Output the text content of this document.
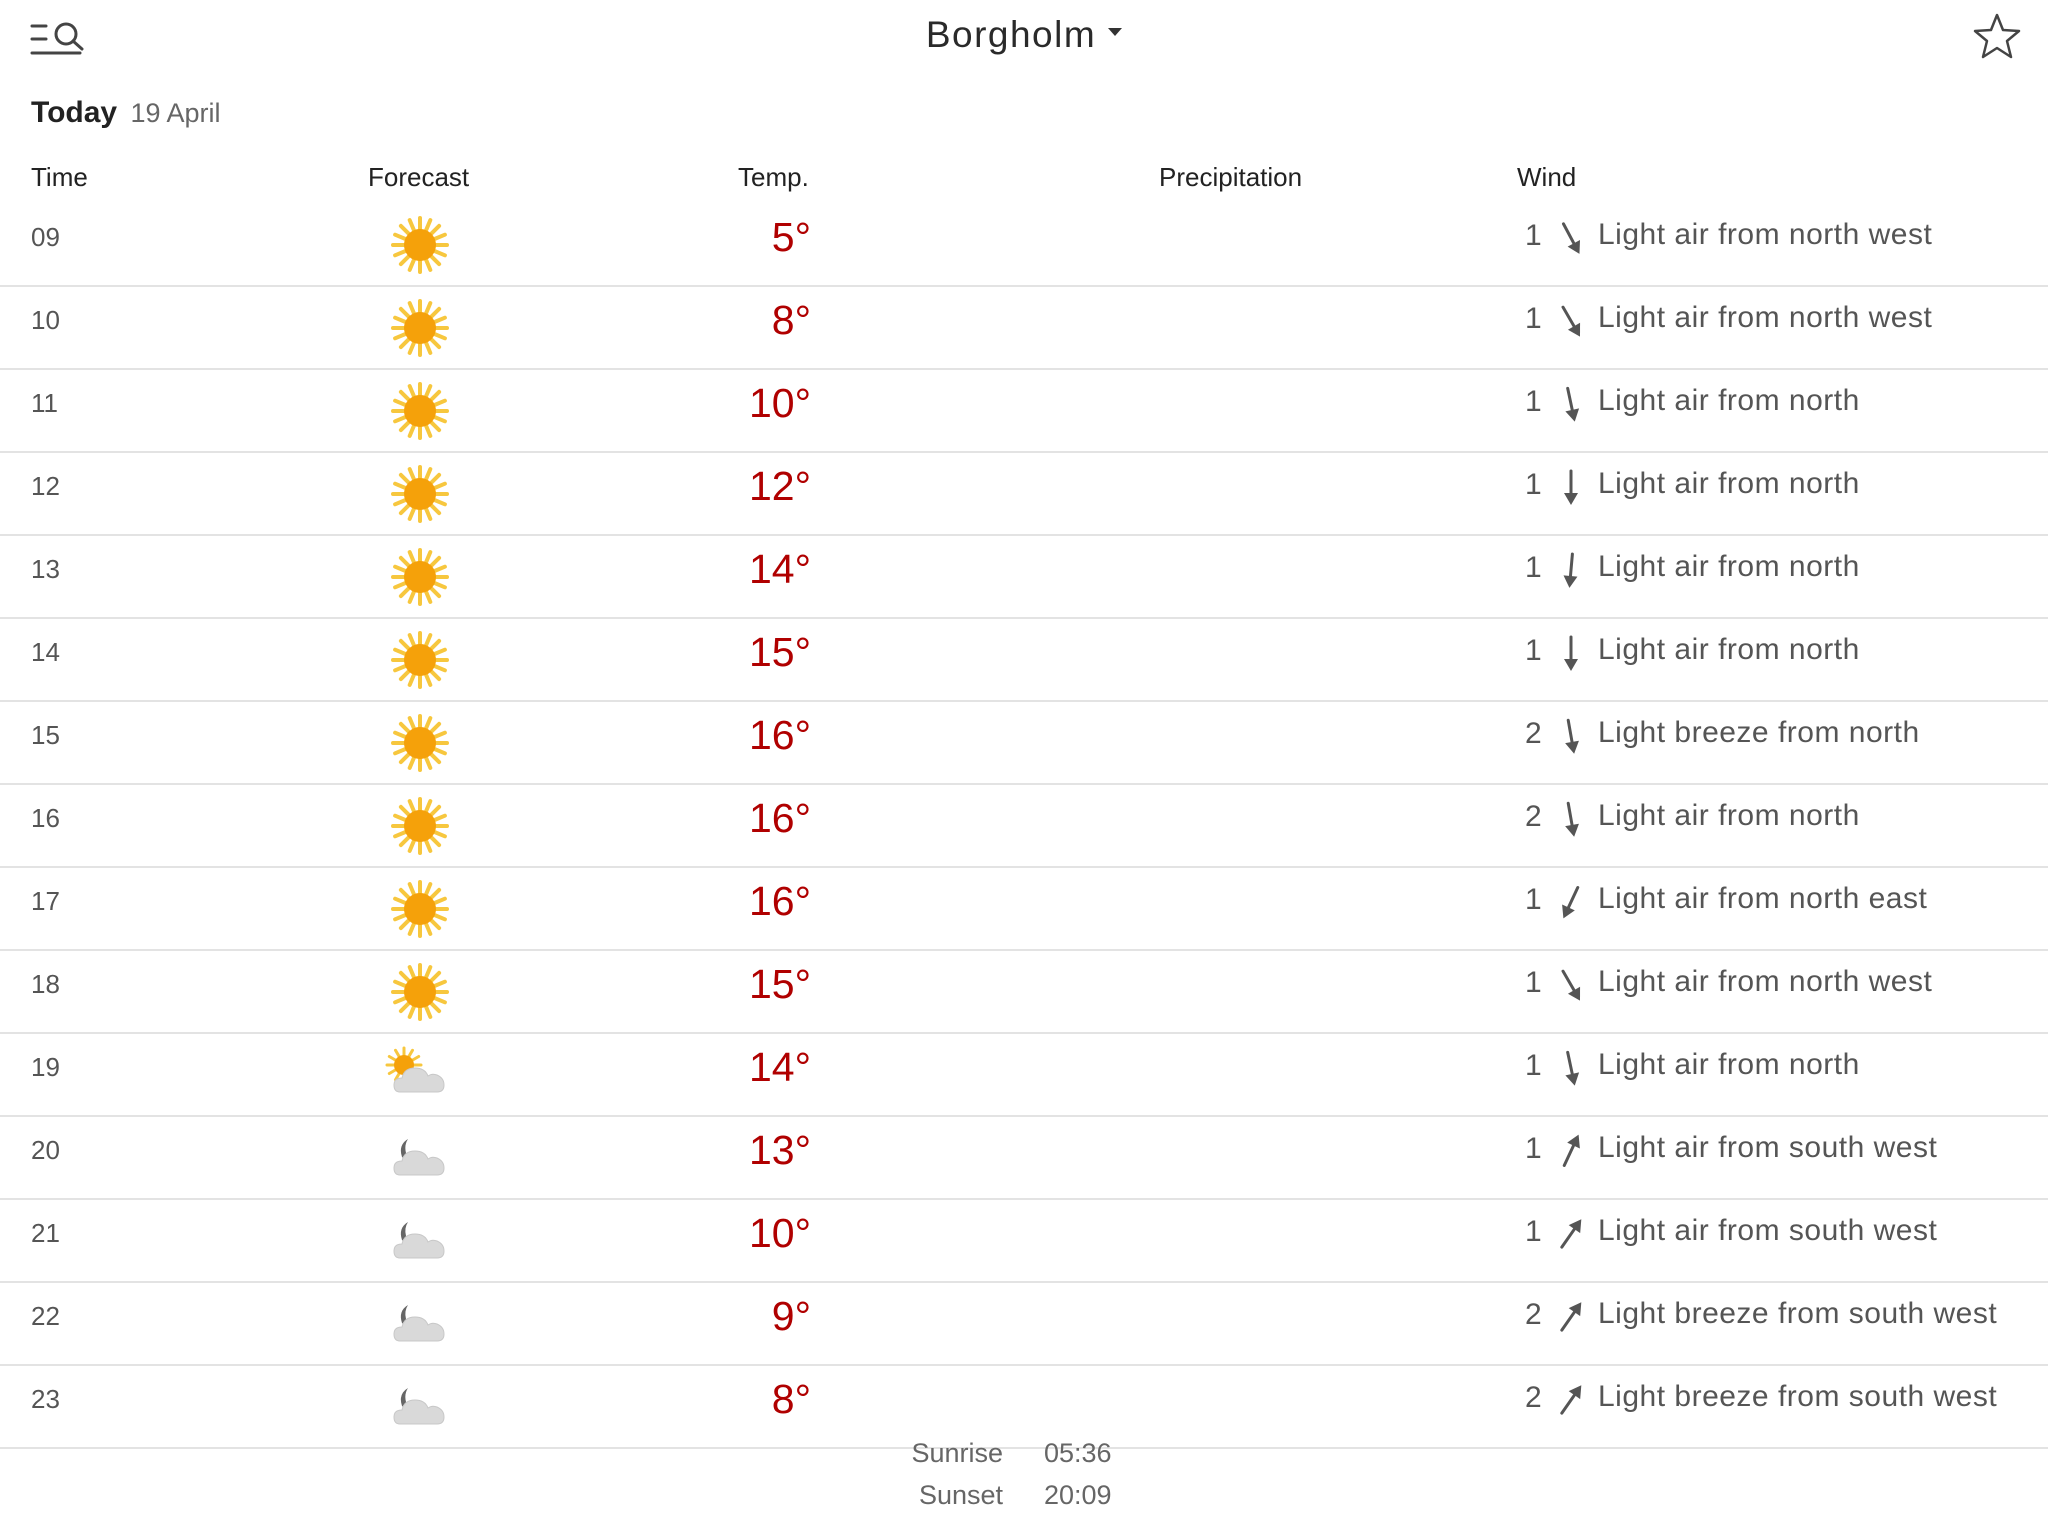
Borgholm
Today 19 April
Time	Forecast	Temp.	Precipitation	Wind
09	5°	1 Light air from north west
10	8°	1 Light air from north west
11	10°	1 Light air from north
12	12°	1 Light air from north
13	14°	1 Light air from north
14	15°	1 Light air from north
15	16°	2 Light breeze from north
16	16°	2 Light air from north
17	16°	1 Light air from north east
18	15°	1 Light air from north west
19	14°	1 Light air from north
20	13°	1 Light air from south west
21	10°	1 Light air from south west
22	9°	2 Light breeze from south west
23	8°	2 Light breeze from south west
Sunrise 05:36
Sunset 20:09
